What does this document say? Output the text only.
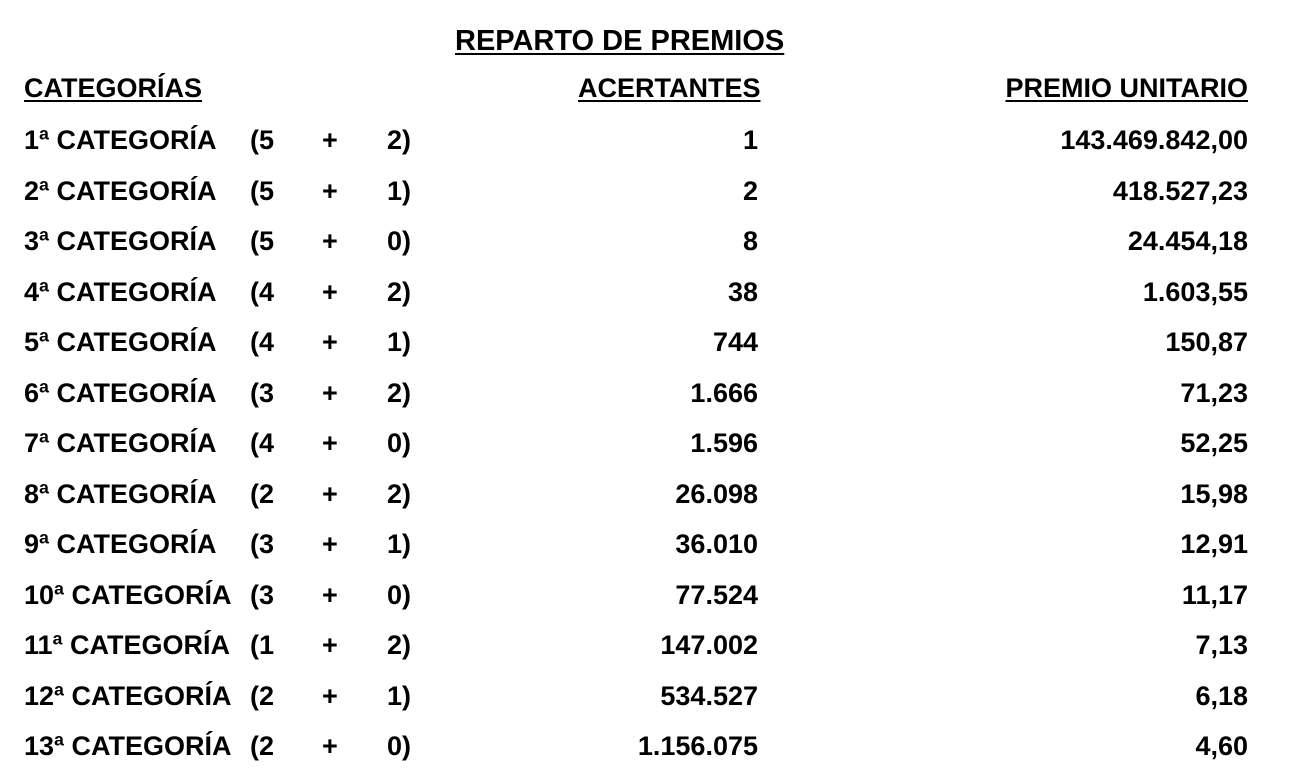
REPARTO DE PREMIOS
CATEGORÍAS	ACERTANTES	PREMIO UNITARIO
1ª CATEGORÍA (5 + 2)	1	143.469.842,00
2ª CATEGORÍA (5 + 1)	2	418.527,23
3ª CATEGORÍA (5 + 0)	8	24.454,18
4ª CATEGORÍA (4 + 2)	38	1.603,55
5ª CATEGORÍA (4 + 1)	744	150,87
6ª CATEGORÍA (3 + 2)	1.666	71,23
7ª CATEGORÍA (4 + 0)	1.596	52,25
8ª CATEGORÍA (2 + 2)	26.098	15,98
9ª CATEGORÍA (3 + 1)	36.010	12,91
10ª CATEGORÍA (3 + 0)	77.524	11,17
11ª CATEGORÍA (1 + 2)	147.002	7,13
12ª CATEGORÍA (2 + 1)	534.527	6,18
13ª CATEGORÍA (2 + 0)	1.156.075	4,60
